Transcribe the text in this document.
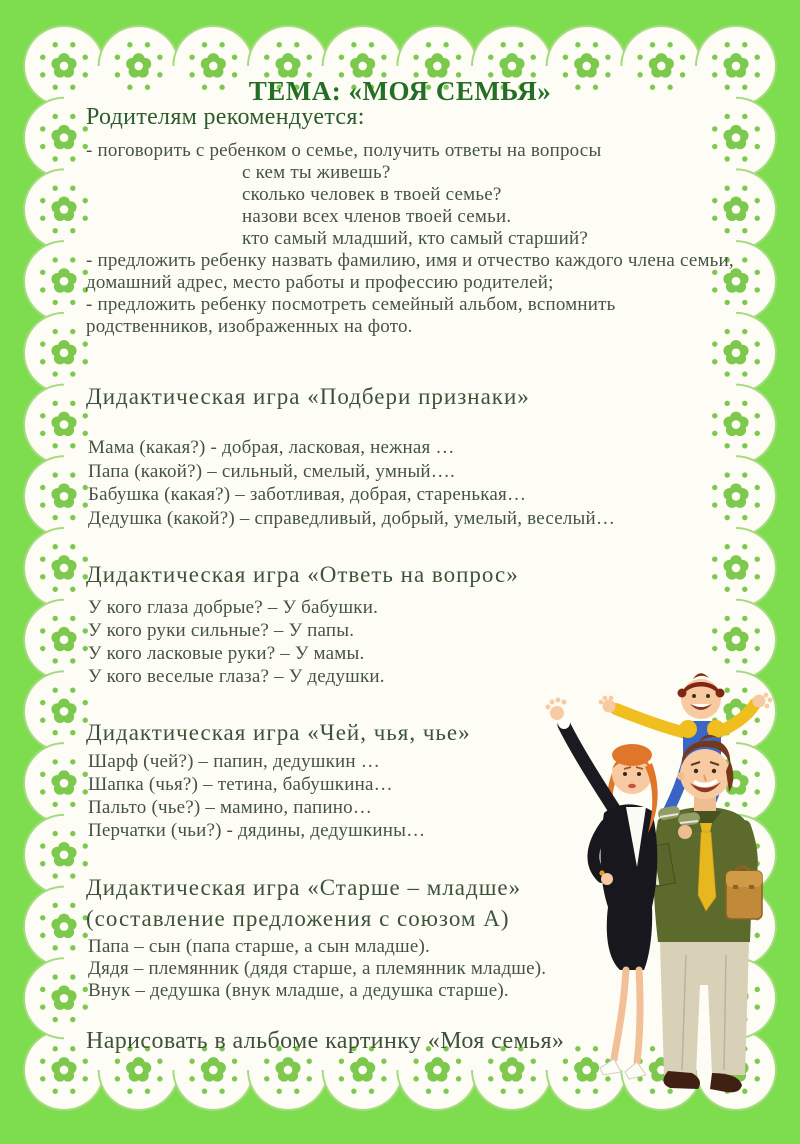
ТЕМА: «МОЯ СЕМЬЯ»
Родителям рекомендуется:

- поговорить с ребенком о семье, получить ответы на вопросы

с кем ты живешь?

сколько человек в твоей семье?

назови всех членов твоей семьи.

кто самый младший, кто самый старший?

- предложить ребенку назвать фамилию, имя и отчество каждого члена семьи, домашний адрес, место работы и профессию родителей;

- предложить ребенку посмотреть семейный альбом, вспомнить родственников, изображенных на фото.

Дидактическая игра «Подбери признаки»

Мама (какая?) - добрая, ласковая, нежная …

Папа (какой?) – сильный, смелый, умный….

Бабушка (какая?) – заботливая, добрая, старенькая…

Дедушка (какой?) – справедливый, добрый, умелый, веселый…

Дидактическая игра «Ответь на вопрос»

У кого глаза добрые? – У бабушки.

У кого руки сильные? – У папы.

У кого ласковые руки? – У мамы.

У кого веселые глаза? – У дедушки.

Дидактическая игра «Чей, чья, чье»

Шарф (чей?) – папин, дедушкин …

Шапка (чья?) – тетина, бабушкина…

Пальто (чье?) – мамино, папино…

Перчатки (чьи?) - дядины, дедушкины…

Дидактическая игра «Старше – младше»
(составление предложения с союзом А)

Папа – сын (папа старше, а сын младше).

Дядя – племянник (дядя старше, а племянник младше).

Внук – дедушка (внук младше, а дедушка старше).

Нарисовать в альбоме картинку «Моя семья»
